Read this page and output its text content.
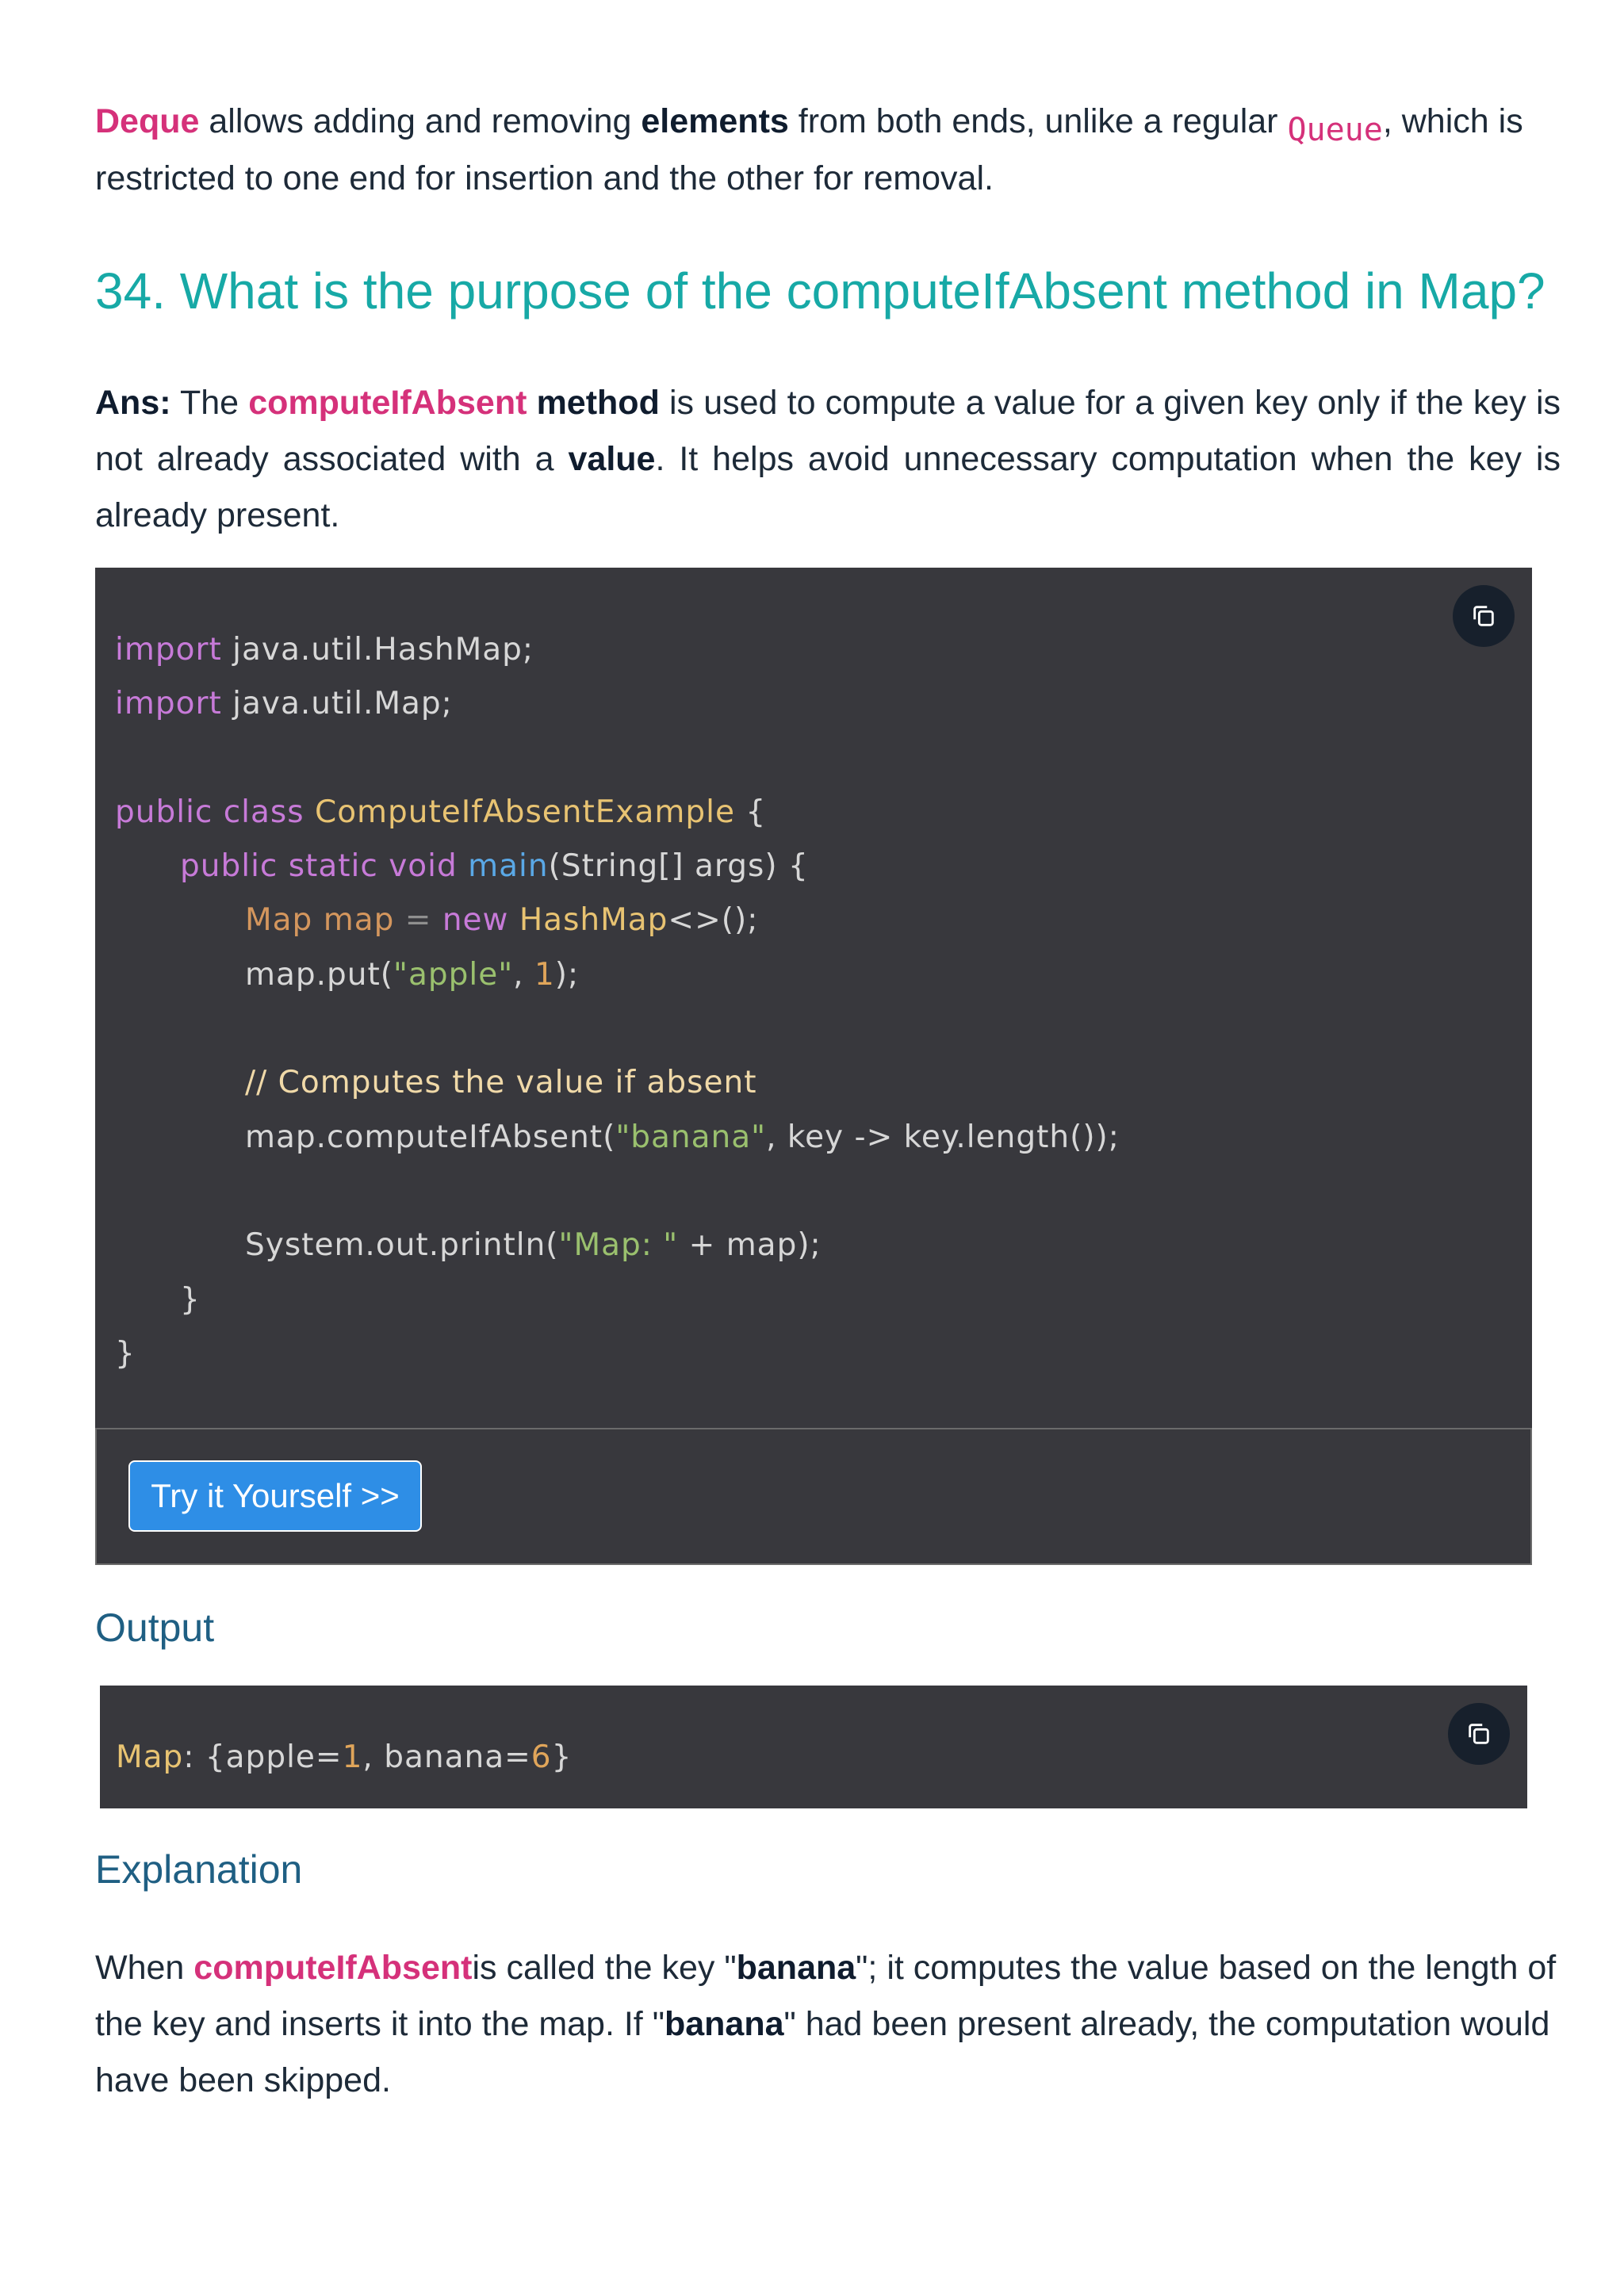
Deque allows adding and removing elements from both ends, unlike a regular Queue, which is restricted to one end for insertion and the other for removal.

34. What is the purpose of the computeIfAbsent method in Map?

Ans: The computeIfAbsent method is used to compute a value for a given key only if the key is not already associated with a value. It helps avoid unnecessary computation when the key is already present.

import java.util.HashMap;
import java.util.Map;
public class ComputeIfAbsentExample {
public static void main(String[] args) {
Map map = new HashMap<>();
map.put("apple", 1);
// Computes the value if absent
map.computeIfAbsent("banana", key -> key.length());
System.out.println("Map: " + map);
}
}
Try it Yourself >>
Output
Map: {apple=1, banana=6}
Explanation

When computeIfAbsentis called the key "banana"; it computes the value based on the length of the key and inserts it into the map. If "banana" had been present already, the computation would have been skipped.
